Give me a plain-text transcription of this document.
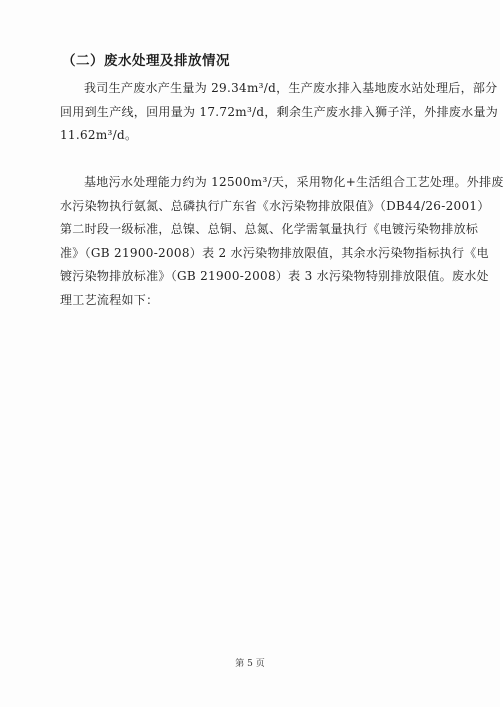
（二）废水处理及排放情况
我司生产废水产生量为 29.34m³/d，生产废水排入基地废水站处理后，部分
回用到生产线，回用量为 17.72m³/d，剩余生产废水排入狮子洋，外排废水量为
11.62m³/d。
基地污水处理能力约为 12500m³/天，采用物化+生活组合工艺处理。外排废
水污染物执行氨氮、总磷执行广东省《水污染物排放限值》（DB44/26-2001）
第二时段一级标准，总镍、总铜、总氮、化学需氧量执行《电镀污染物排放标
准》（GB 21900-2008）表 2 水污染物排放限值，其余水污染物指标执行《电
镀污染物排放标准》（GB 21900-2008）表 3 水污染物特别排放限值。废水处
理工艺流程如下：
第 5 页
